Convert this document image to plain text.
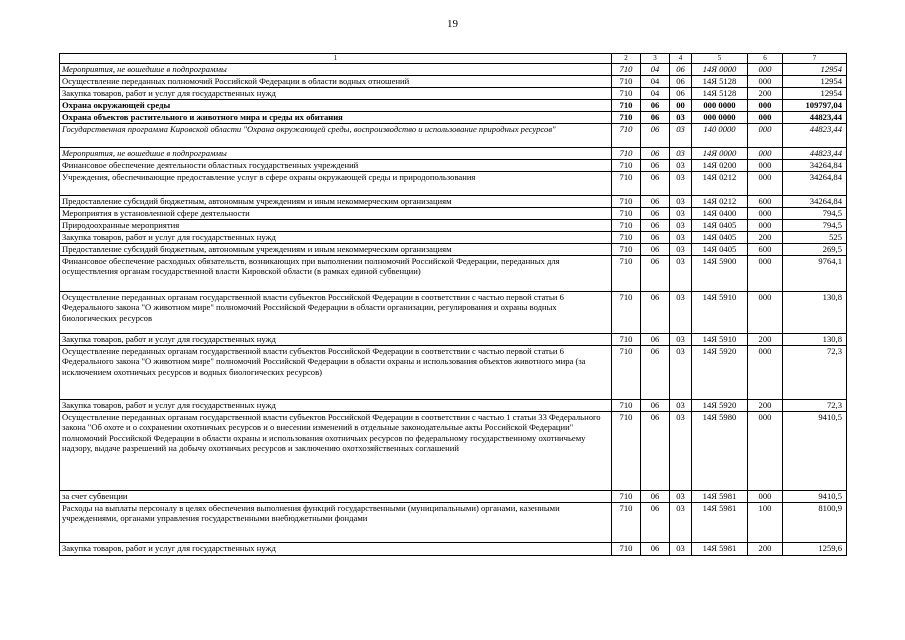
19
1	2	3	4	5	6	7
Мероприятия, не вошедшие в подпрограммы	710	04	06	14Я 0000	000	12954
Осуществление переданных полномочий Российской Федерации в области водных отношений	710	04	06	14Я 5128	000	12954
Закупка товаров, работ и услуг для государственных нужд	710	04	06	14Я 5128	200	12954
Охрана окружающей среды	710	06	00	000 0000	000	109797,04
Охрана объектов растительного и животного мира и среды их обитания	710	06	03	000 0000	000	44823,44
Государственная программа Кировской области "Охрана окружающей среды, воспроизводство и использование природных ресурсов"	710	06	03	140 0000	000	44823,44
Мероприятия, не вошедшие в подпрограммы	710	06	03	14Я 0000	000	44823,44
Финансовое обеспечение деятельности областных государственных учреждений	710	06	03	14Я 0200	000	34264,84
Учреждения, обеспечивающие предоставление услуг в сфере охраны окружающей среды и природопользования	710	06	03	14Я 0212	000	34264,84
Предоставление субсидий бюджетным, автономным учреждениям и иным некоммерческим организациям	710	06	03	14Я 0212	600	34264,84
Мероприятия в установленной сфере деятельности	710	06	03	14Я 0400	000	794,5
Природоохранные мероприятия	710	06	03	14Я 0405	000	794,5
Закупка товаров, работ и услуг для государственных нужд	710	06	03	14Я 0405	200	525
Предоставление субсидий бюджетным, автономным учреждениям и иным некоммерческим организациям	710	06	03	14Я 0405	600	269,5
Финансовое обеспечение расходных обязательств, возникающих при выполнении полномочий Российской Федерации, переданных для осуществления органам государственной власти Кировской области (в рамках единой субвенции)	710	06	03	14Я 5900	000	9764,1
Осуществление переданных органам государственной власти субъектов Российской Федерации в соответствии с частью первой статьи 6 Федерального закона "О животном мире" полномочий Российской Федерации в области организации, регулирования и охраны водных биологических ресурсов	710	06	03	14Я 5910	000	130,8
Закупка товаров, работ и услуг для государственных нужд	710	06	03	14Я 5910	200	130,8
Осуществление переданных органам государственной власти субъектов Российской Федерации в соответствии с частью первой статьи 6 Федерального закона "О животном мире" полномочий Российской Федерации в области охраны и использования объектов животного мира (за исключением охотничьих ресурсов и водных биологических ресурсов)	710	06	03	14Я 5920	000	72,3
Закупка товаров, работ и услуг для государственных нужд	710	06	03	14Я 5920	200	72,3
Осуществление переданных органам государственной власти субъектов Российской Федерации в соответствии с частью 1 статьи 33 Федерального закона "Об охоте и о сохранении охотничьих ресурсов и о внесении изменений в отдельные законодательные акты Российской Федерации" полномочий Российской Федерации в области охраны и использования охотничьих ресурсов по федеральному государственному охотничьему надзору, выдаче разрешений на добычу охотничьих ресурсов и заключению охотхозяйственных соглашений	710	06	03	14Я 5980	000	9410,5
за счет субвенции	710	06	03	14Я 5981	000	9410,5
Расходы на выплаты персоналу в целях обеспечения выполнения функций государственными (муниципальными) органами, казенными учреждениями, органами управления государственными внебюджетными фондами	710	06	03	14Я 5981	100	8100,9
Закупка товаров, работ и услуг для государственных нужд	710	06	03	14Я 5981	200	1259,6
